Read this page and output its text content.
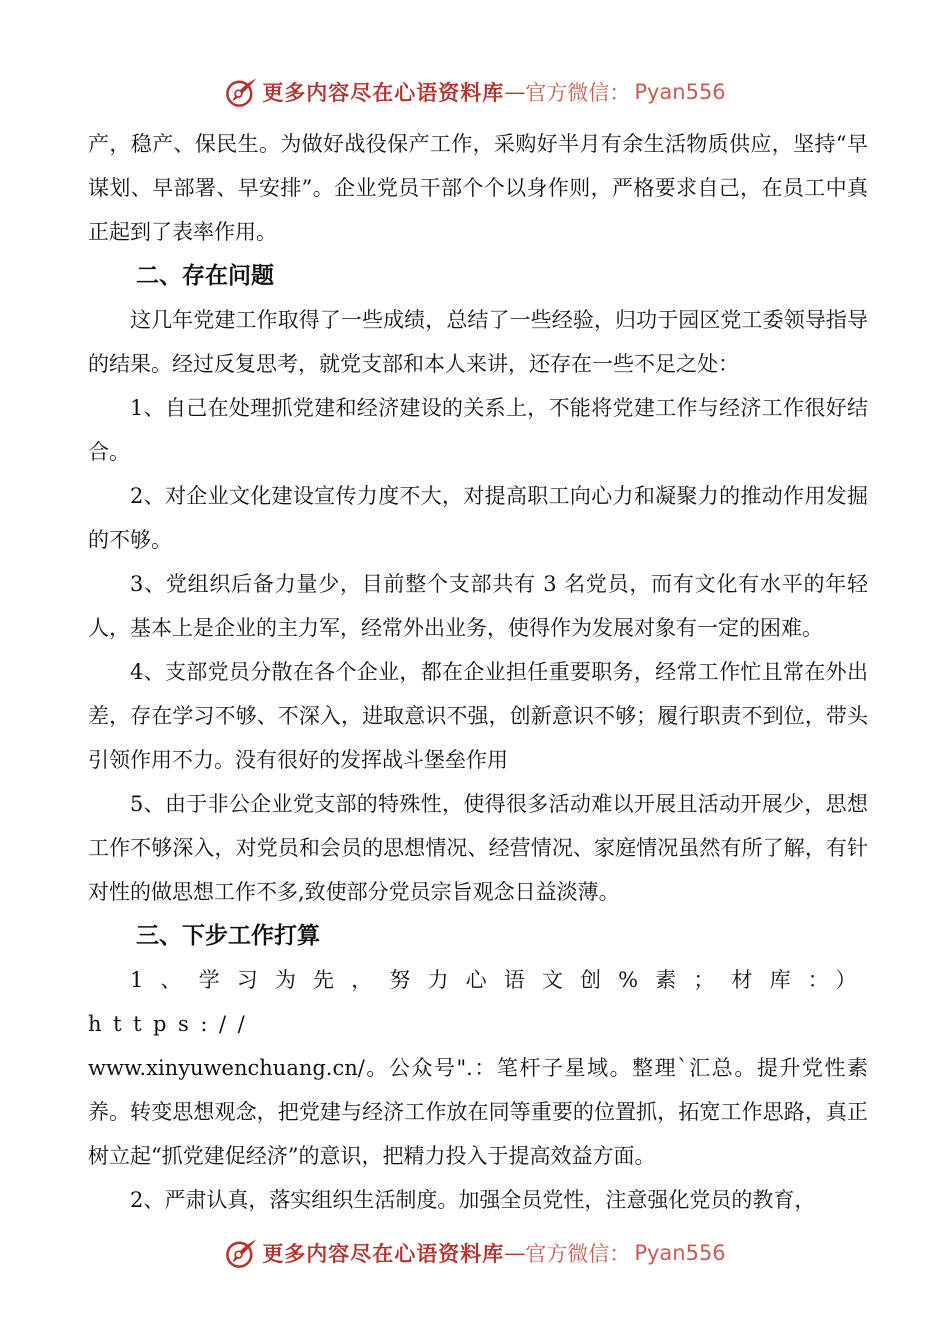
更多内容尽在心语资料库 — 官方微信： Pyan556

产，稳产、保民生。为做好战役保产工作，采购好半月有余生活物质供应，坚持“早谋划、早部署、早安排”。企业党员干部个个以身作则，严格要求自己，在员工中真正起到了表率作用。

二、存在问题

这几年党建工作取得了一些成绩，总结了一些经验，归功于园区党工委领导指导的结果。经过反复思考，就党支部和本人来讲，还存在一些不足之处：

1、自己在处理抓党建和经济建设的关系上，不能将党建工作与经济工作很好结合。

2、对企业文化建设宣传力度不大，对提高职工向心力和凝聚力的推动作用发掘的不够。

3、党组织后备力量少，目前整个支部共有 3 名党员，而有文化有水平的年轻人，基本上是企业的主力军，经常外出业务，使得作为发展对象有一定的困难。

4、支部党员分散在各个企业，都在企业担任重要职务，经常工作忙且常在外出差，存在学习不够、不深入，进取意识不强，创新意识不够；履行职责不到位，带头引领作用不力。没有很好的发挥战斗堡垒作用

5、由于非公企业党支部的特殊性，使得很多活动难以开展且活动开展少，思想工作不够深入，对党员和会员的思想情况、经营情况、家庭情况虽然有所了解，有针对性的做思想工作不多,致使部分党员宗旨观念日益淡薄。

三、下步工作打算

1、学习为先，努力心语文创%素；材库：）https://
www.xinyuwenchuang.cn/。公众号".：笔杆子星域。整理`汇总。提升党性素养。转变思想观念，把党建与经济工作放在同等重要的位置抓，拓宽工作思路，真正树立起“抓党建促经济”的意识，把精力投入于提高效益方面。

2、严肃认真，落实组织生活制度。加强全员党性，注意强化党员的教育，

更多内容尽在心语资料库 — 官方微信： Pyan556
